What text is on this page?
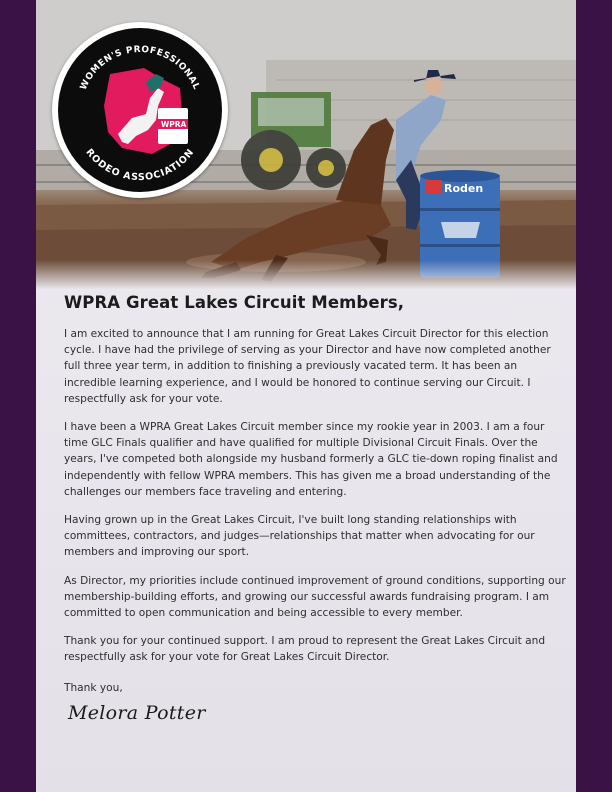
Roden
WPRA
WOMEN'S PROFESSIONAL
RODEO ASSOCIATION
WPRA Great Lakes Circuit Members,

I am excited to announce that I am running for Great Lakes Circuit Director for this election cycle. I have had the privilege of serving as your Director and have now completed another full three year term, in addition to finishing a previously vacated term. It has been an incredible learning experience, and I would be honored to continue serving our Circuit. I respectfully ask for your vote.

I have been a WPRA Great Lakes Circuit member since my rookie year in 2003. I am a four time GLC Finals qualifier and have qualified for multiple Divisional Circuit Finals. Over the years, I've competed both alongside my husband formerly a GLC tie-down roping finalist and independently with fellow WPRA members. This has given me a broad understanding of the challenges our members face traveling and entering.

Having grown up in the Great Lakes Circuit, I've built long standing relationships with committees, contractors, and judges—relationships that matter when advocating for our members and improving our sport.

As Director, my priorities include continued improvement of ground conditions, supporting our membership-building efforts, and growing our successful awards fundraising program. I am committed to open communication and being accessible to every member.

Thank you for your continued support. I am proud to represent the Great Lakes Circuit and respectfully ask for your vote for Great Lakes Circuit Director.

Thank you,

Melora Potter
